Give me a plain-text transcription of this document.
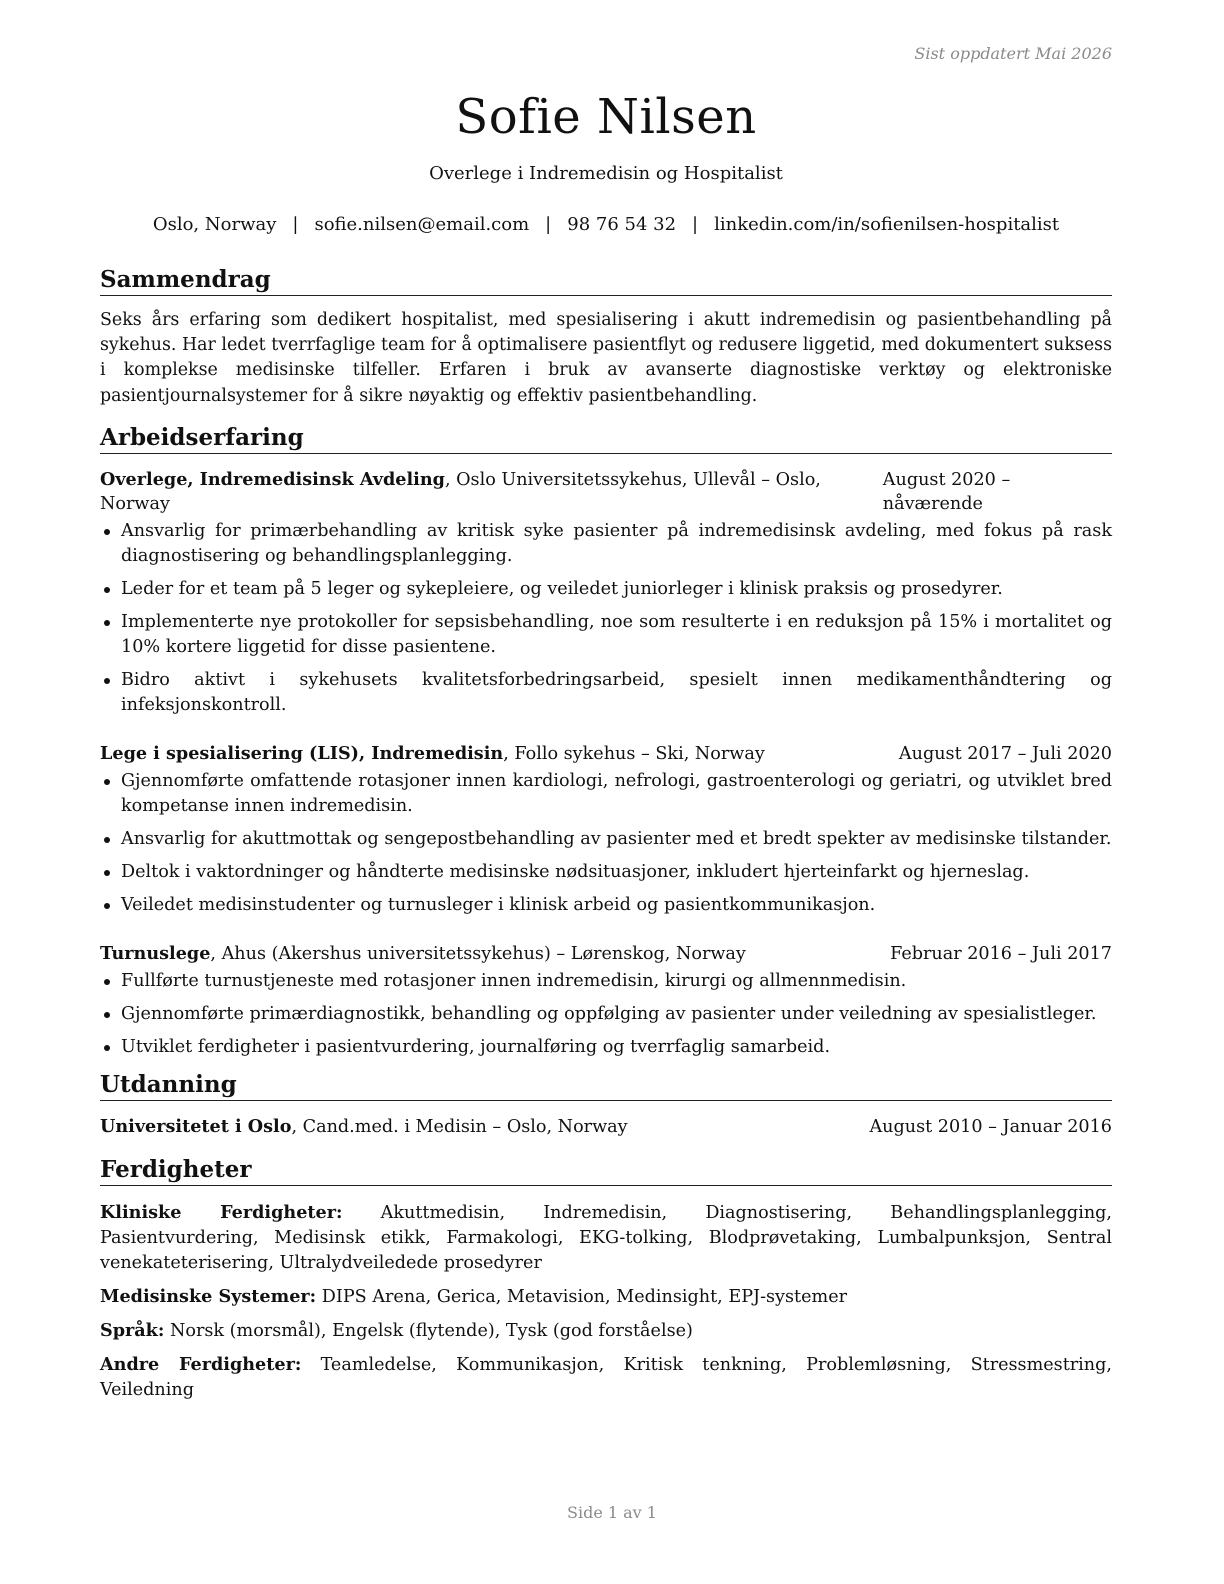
Sist oppdatert Mai 2026
Sofie Nilsen
Overlege i Indremedisin og Hospitalist
Oslo, Norway | sofie.nilsen@email.com | 98 76 54 32 | linkedin.com/in/sofienilsen-hospitalist
Sammendrag
Seks års erfaring som dedikert hospitalist, med spesialisering i akutt indremedisin og pasientbehandling på sykehus. Har ledet tverrfaglige team for å optimalisere pasientflyt og redusere liggetid, med dokumentert suksess i komplekse medisinske tilfeller. Erfaren i bruk av avanserte diagnostiske verktøy og elektroniske pasientjournalsystemer for å sikre nøyaktig og effektiv pasientbehandling.
Arbeidserfaring
Overlege, Indremedisinsk Avdeling, Oslo Universitetssykehus, Ullevål – Oslo, Norway
August 2020 – nåværende
Ansvarlig for primærbehandling av kritisk syke pasienter på indremedisinsk avdeling, med fokus på rask diagnostisering og behandlingsplanlegging.
Leder for et team på 5 leger og sykepleiere, og veiledet juniorleger i klinisk praksis og prosedyrer.
Implementerte nye protokoller for sepsisbehandling, noe som resulterte i en reduksjon på 15% i mortalitet og 10% kortere liggetid for disse pasientene.
Bidro aktivt i sykehusets kvalitetsforbedringsarbeid, spesielt innen medikamenthåndtering og infeksjonskontroll.
Lege i spesialisering (LIS), Indremedisin, Follo sykehus – Ski, Norway	August 2017 – Juli 2020
Gjennomførte omfattende rotasjoner innen kardiologi, nefrologi, gastroenterologi og geriatri, og utviklet bred kompetanse innen indremedisin.
Ansvarlig for akuttmottak og sengepostbehandling av pasienter med et bredt spekter av medisinske tilstander.
Deltok i vaktordninger og håndterte medisinske nødsituasjoner, inkludert hjerteinfarkt og hjerneslag.
Veiledet medisinstudenter og turnusleger i klinisk arbeid og pasientkommunikasjon.
Turnuslege, Ahus (Akershus universitetssykehus) – Lørenskog, Norway	Februar 2016 – Juli 2017
Fullførte turnustjeneste med rotasjoner innen indremedisin, kirurgi og allmennmedisin.
Gjennomførte primærdiagnostikk, behandling og oppfølging av pasienter under veiledning av spesialistleger.
Utviklet ferdigheter i pasientvurdering, journalføring og tverrfaglig samarbeid.
Utdanning
Universitetet i Oslo, Cand.med. i Medisin – Oslo, Norway	August 2010 – Januar 2016
Ferdigheter
Kliniske Ferdigheter: Akuttmedisin, Indremedisin, Diagnostisering, Behandlingsplanlegging, Pasientvurdering, Medisinsk etikk, Farmakologi, EKG-tolking, Blodprøvetaking, Lumbalpunksjon, Sentral venekateterisering, Ultralydveiledede prosedyrer
Medisinske Systemer: DIPS Arena, Gerica, Metavision, Medinsight, EPJ-systemer
Språk: Norsk (morsmål), Engelsk (flytende), Tysk (god forståelse)
Andre Ferdigheter: Teamledelse, Kommunikasjon, Kritisk tenkning, Problemløsning, Stressmestring, Veiledning
Side 1 av 1
